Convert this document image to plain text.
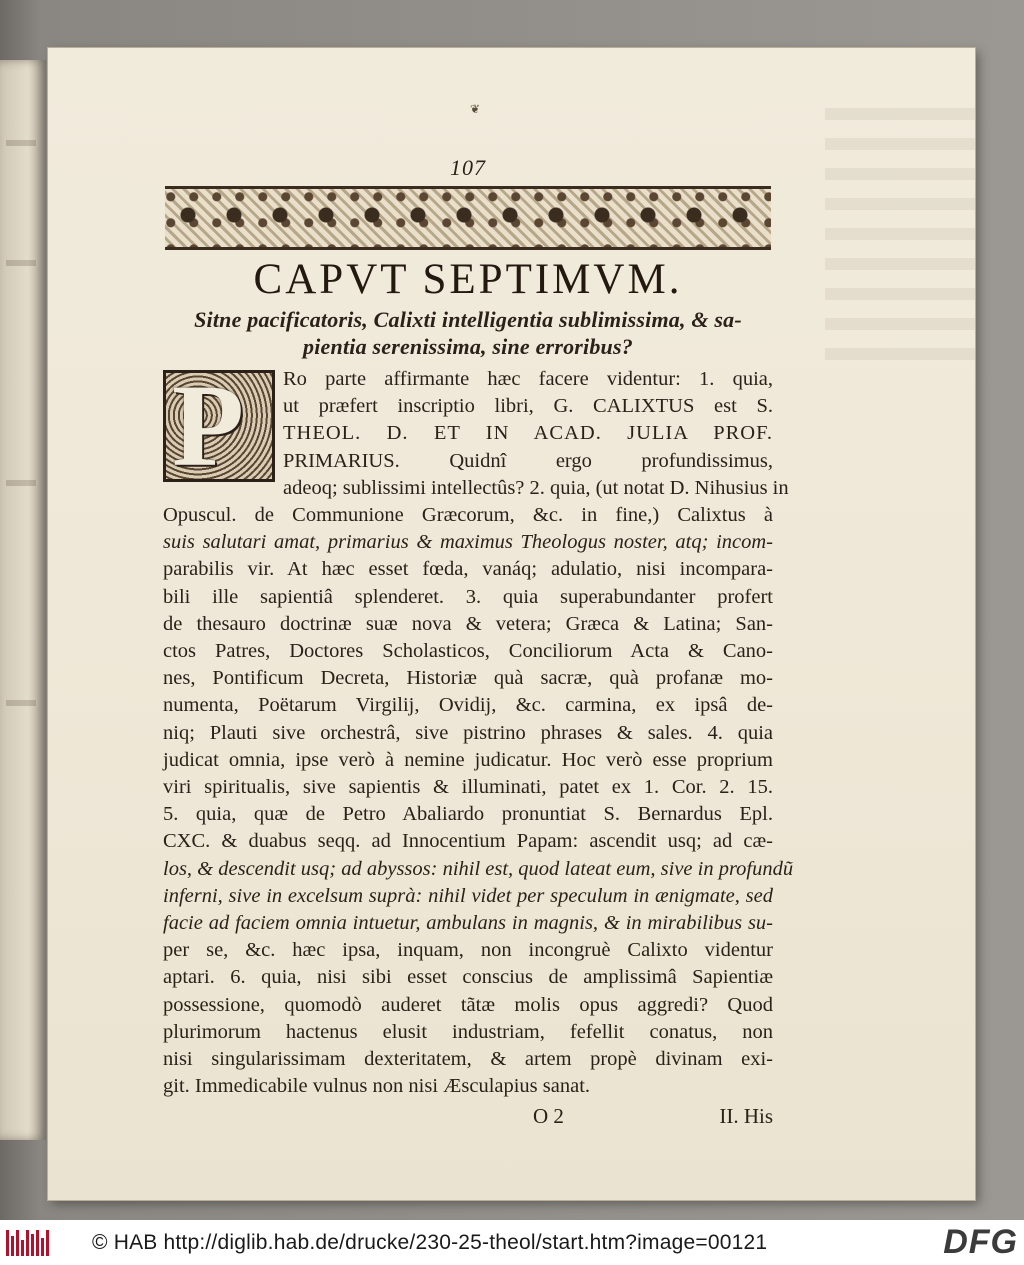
❦
107
CAPVT SEPTIMVM.
Sitne pacificatoris, Calixti intelligentia sublimissima, & sa-
pientia serenissima, sine erroribus?
P	Ro parte affirmante hæc facere videntur: 1. quia,
ut præfert inscriptio libri, G. CALIXTUS est S.
THEOL. D. ET IN ACAD. JULIA PROF.
PRIMARIUS. Quidnî ergo profundissimus,
adeoq; sublissimi intellectûs? 2. quia, (ut notat D. Nihusius in
Opuscul. de Communione Græcorum, &c. in fine,) Calixtus à
suis salutari amat, primarius & maximus Theologus noster, atq; incom-
parabilis vir. At hæc esset fœda, vanáq; adulatio, nisi incompara-
bili ille sapientiâ splenderet. 3. quia superabundanter profert
de thesauro doctrinæ suæ nova & vetera; Græca & Latina; San-
ctos Patres, Doctores Scholasticos, Conciliorum Acta & Cano-
nes, Pontificum Decreta, Historiæ quà sacræ, quà profanæ mo-
numenta, Poëtarum Virgilij, Ovidij, &c. carmina, ex ipsâ de-
niq; Plauti sive orchestrâ, sive pistrino phrases & sales. 4. quia
judicat omnia, ipse verò à nemine judicatur. Hoc verò esse proprium
viri spiritualis, sive sapientis & illuminati, patet ex 1. Cor. 2. 15.
5. quia, quæ de Petro Abaliardo pronuntiat S. Bernardus Epl.
CXC. & duabus seqq. ad Innocentium Papam: ascendit usq; ad cæ-
los, & descendit usq; ad abyssos: nihil est, quod lateat eum, sive in profundũ
inferni, sive in excelsum suprà: nihil videt per speculum in ænigmate, sed
facie ad faciem omnia intuetur, ambulans in magnis, & in mirabilibus su-
per se, &c. hæc ipsa, inquam, non incongruè Calixto videntur
aptari. 6. quia, nisi sibi esset conscius de amplissimâ Sapientiæ
possessione, quomodò auderet tãtæ molis opus aggredi? Quod
plurimorum hactenus elusit industriam, fefellit conatus, non
nisi singularissimam dexteritatem, & artem propè divinam exi-
git. Immedicabile vulnus non nisi Æsculapius sanat.

O 2	II. His
© HAB http://diglib.hab.de/drucke/230-25-theol/start.htm?image=00121	DFG
